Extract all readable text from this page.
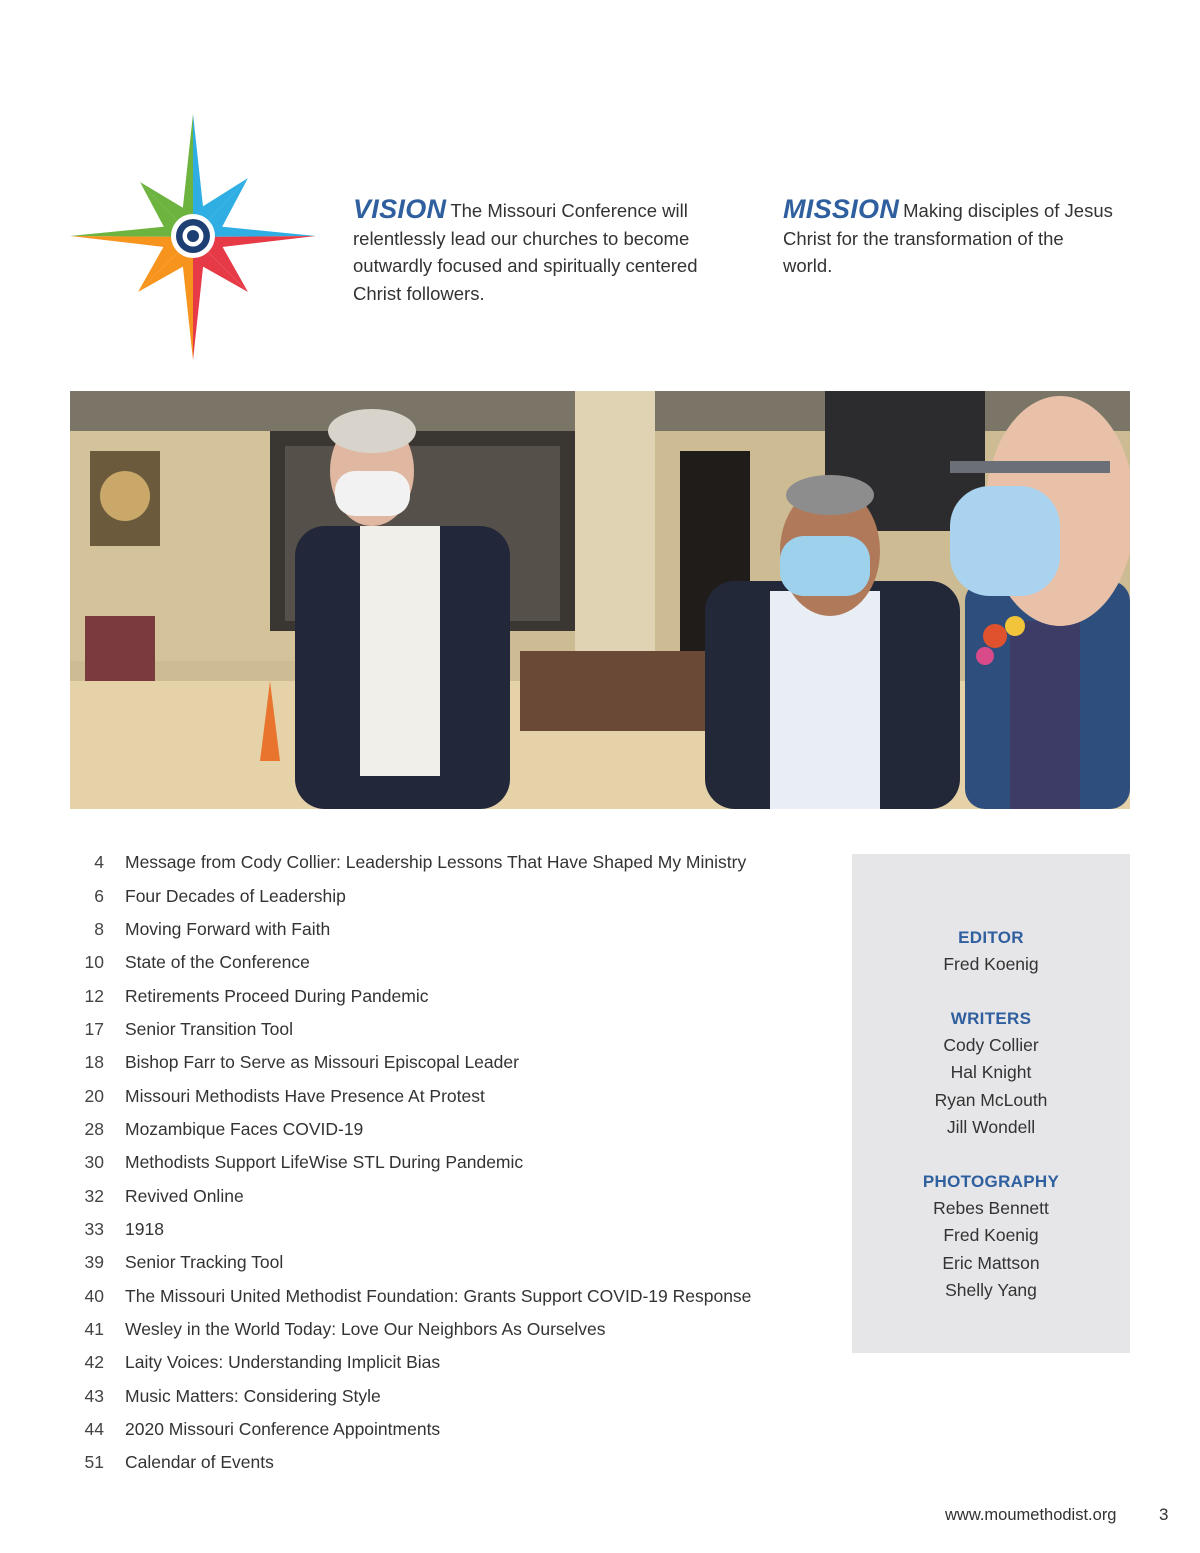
VISION The Missouri Conference will relentlessly lead our churches to become outwardly focused and spiritually centered Christ followers.
MISSION Making disciples of Jesus Christ for the transformation of the world.
4 Message from Cody Collier: Leadership Lessons That Have Shaped My Ministry
6 Four Decades of Leadership
8 Moving Forward with Faith
10 State of the Conference
12 Retirements Proceed During Pandemic
17 Senior Transition Tool
18 Bishop Farr to Serve as Missouri Episcopal Leader
20 Missouri Methodists Have Presence At Protest
28 Mozambique Faces COVID-19
30 Methodists Support LifeWise STL During Pandemic
32 Revived Online
33 1918
39 Senior Tracking Tool
40 The Missouri United Methodist Foundation: Grants Support COVID-19 Response
41 Wesley in the World Today: Love Our Neighbors As Ourselves
42 Laity Voices: Understanding Implicit Bias
43 Music Matters: Considering Style
44 2020 Missouri Conference Appointments
51 Calendar of Events
EDITOR
Fred Koenig
WRITERS
Cody Collier
Hal Knight
Ryan McLouth
Jill Wondell
PHOTOGRAPHY
Rebes Bennett
Fred Koenig
Eric Mattson
Shelly Yang
www.moumethodist.org	3
